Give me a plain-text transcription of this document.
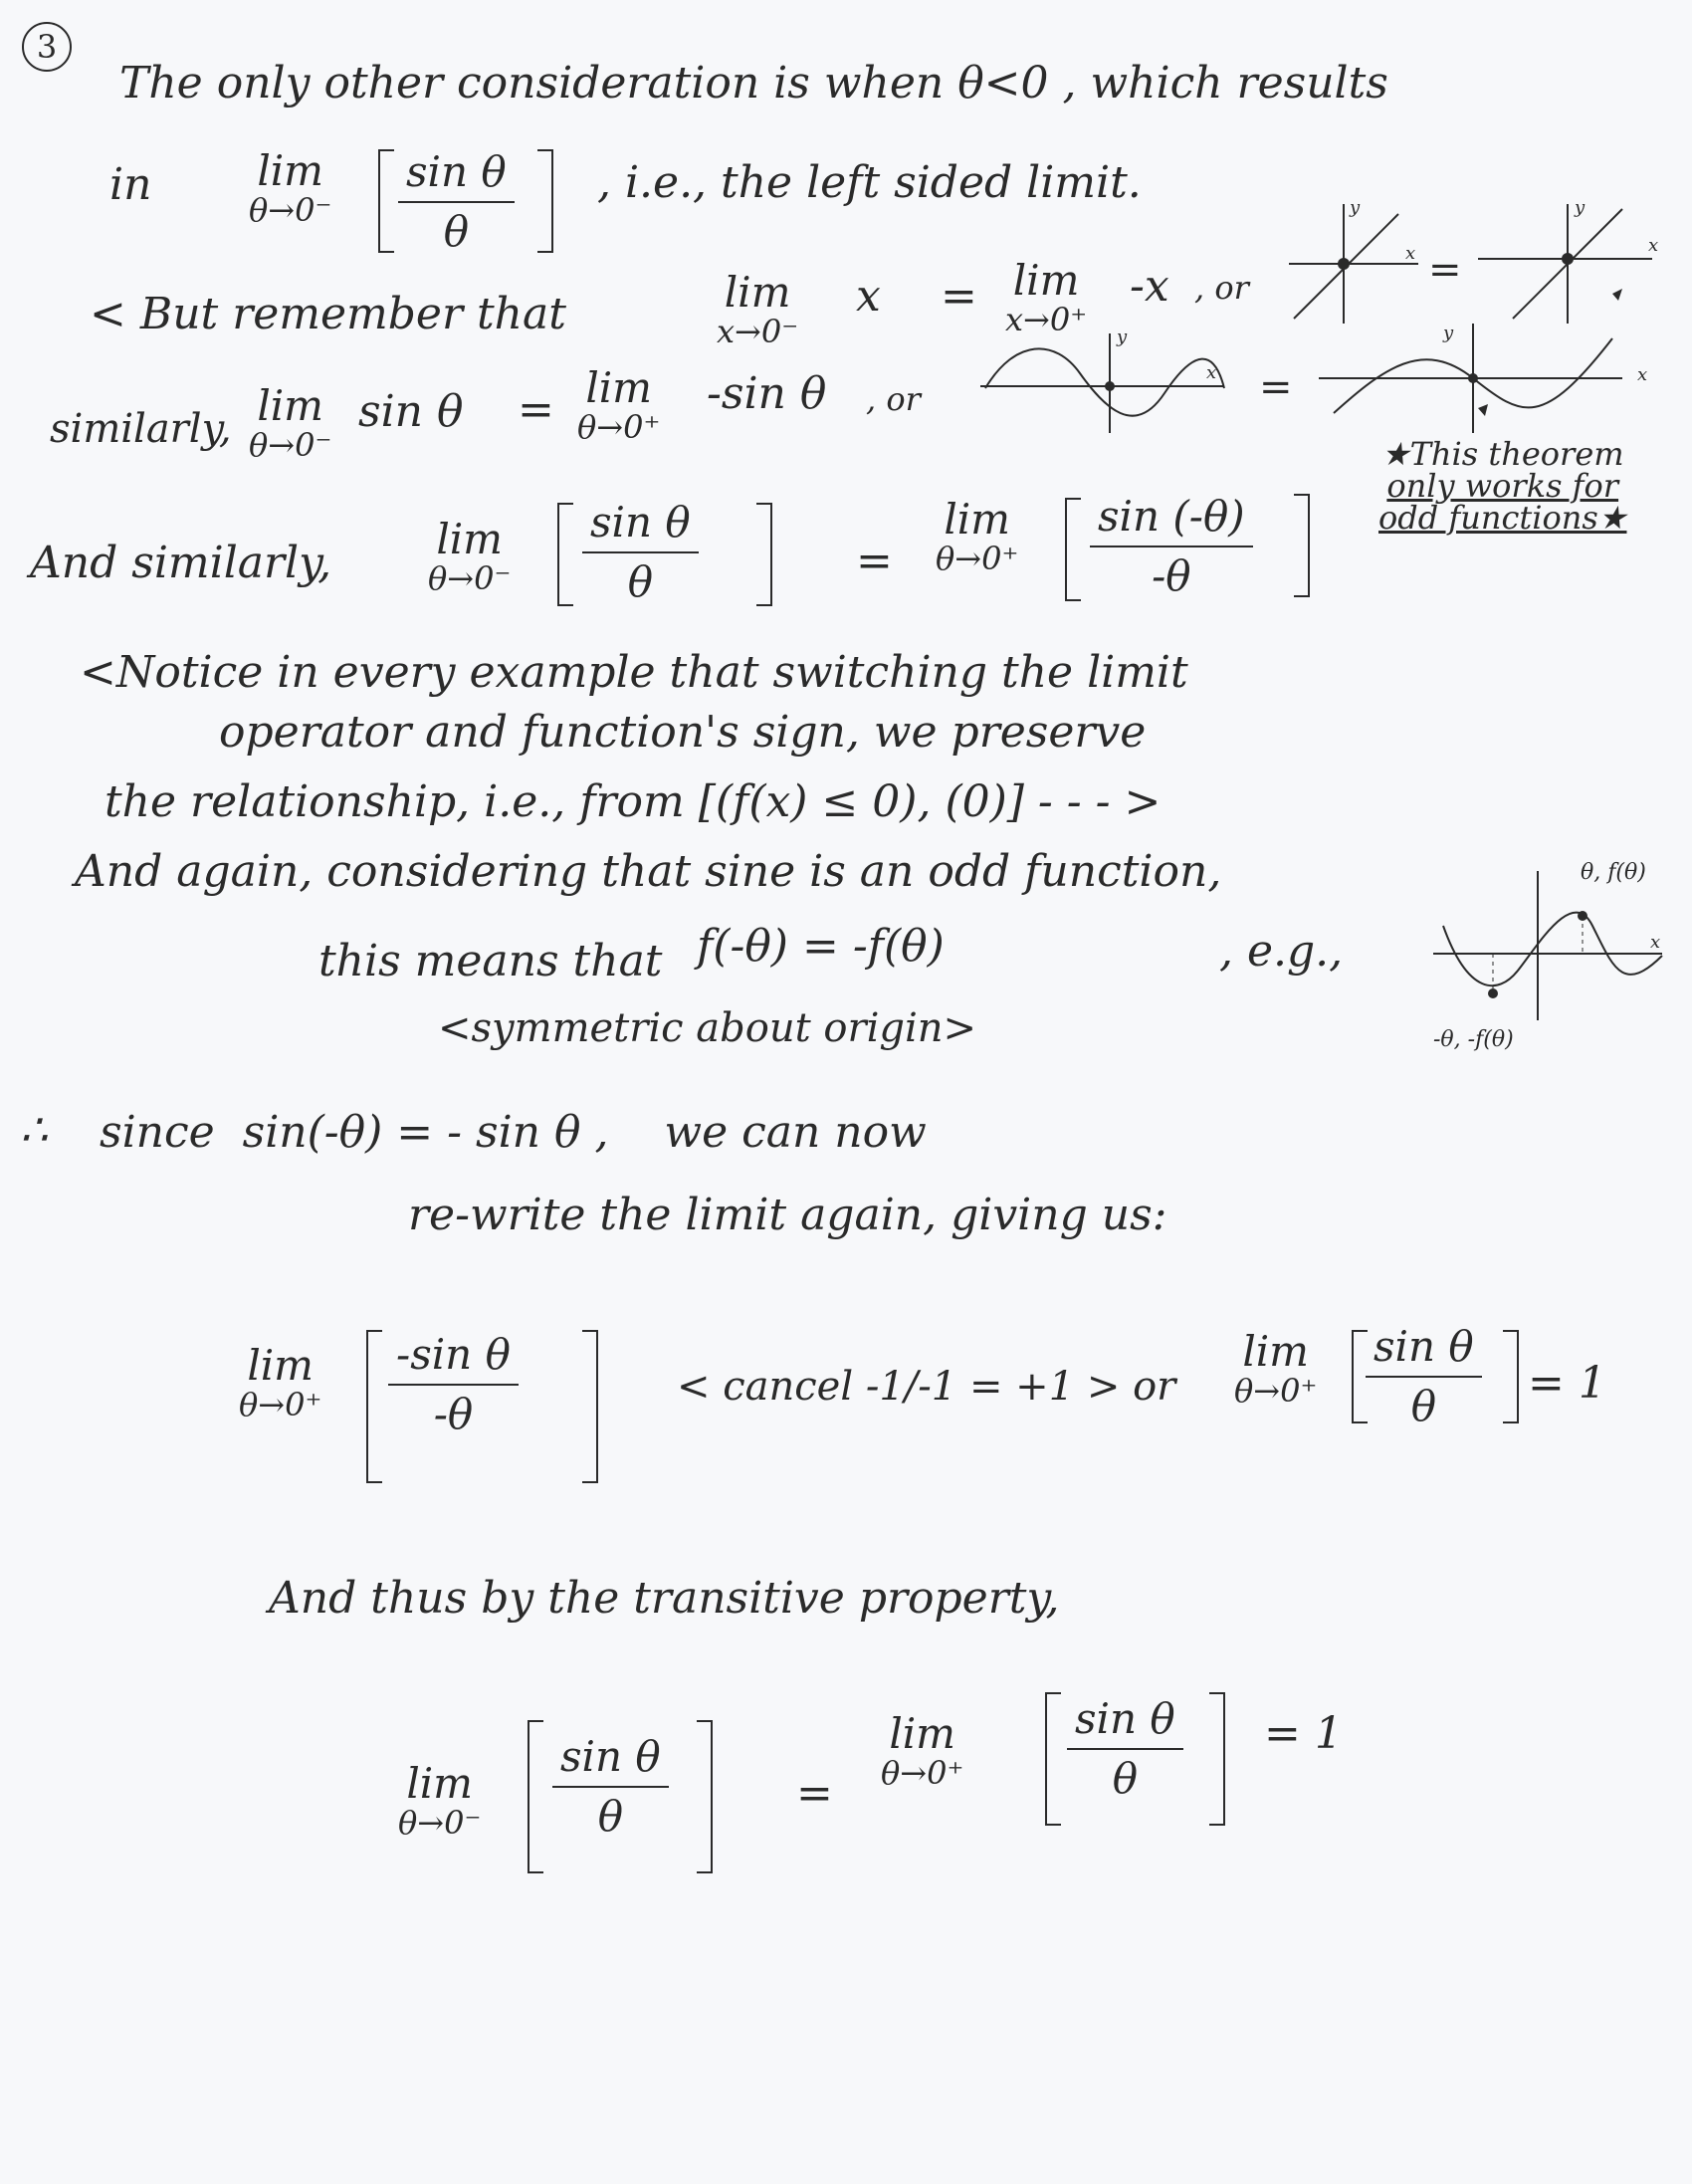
3
The only other consideration is when θ<0 , which results
in	lim
θ→0⁻
sin θ
θ
, i.e., the left sided limit.
< But remember that	lim
x→0⁻
x = lim
x→0⁺
-x , or
y
x =
y
x
similarly, lim
θ→0⁻
sin θ = lim
θ→0⁺
-sin θ , or
y
x =
y
x
And similarly,	lim
θ→0⁻
sin θ
θ	=
lim
θ→0⁺
sin (-θ)
-θ
★This theorem
only works for
odd functions★
<Notice in every example that switching the limit
operator and function's sign, we preserve
the relationship, i.e., from [(f(x) ≤ 0), (0)] - - - >
And again, considering that sine is an odd function,
this means that f(-θ) = -f(θ)	, e.g.,
<symmetric about origin>
x
θ, f(θ)
-θ, -f(θ)
∴ since  sin(-θ) = - sin θ ,    we can now
re-write the limit again, giving us:
lim
θ→0⁺
-sin θ
-θ
< cancel -1/-1 = +1 > or
lim
θ→0⁺
sin θ
θ = 1
And thus by the transitive property,
lim
θ→0⁻
sin θ
θ	=
lim
θ→0⁺
sin θ
θ
= 1
